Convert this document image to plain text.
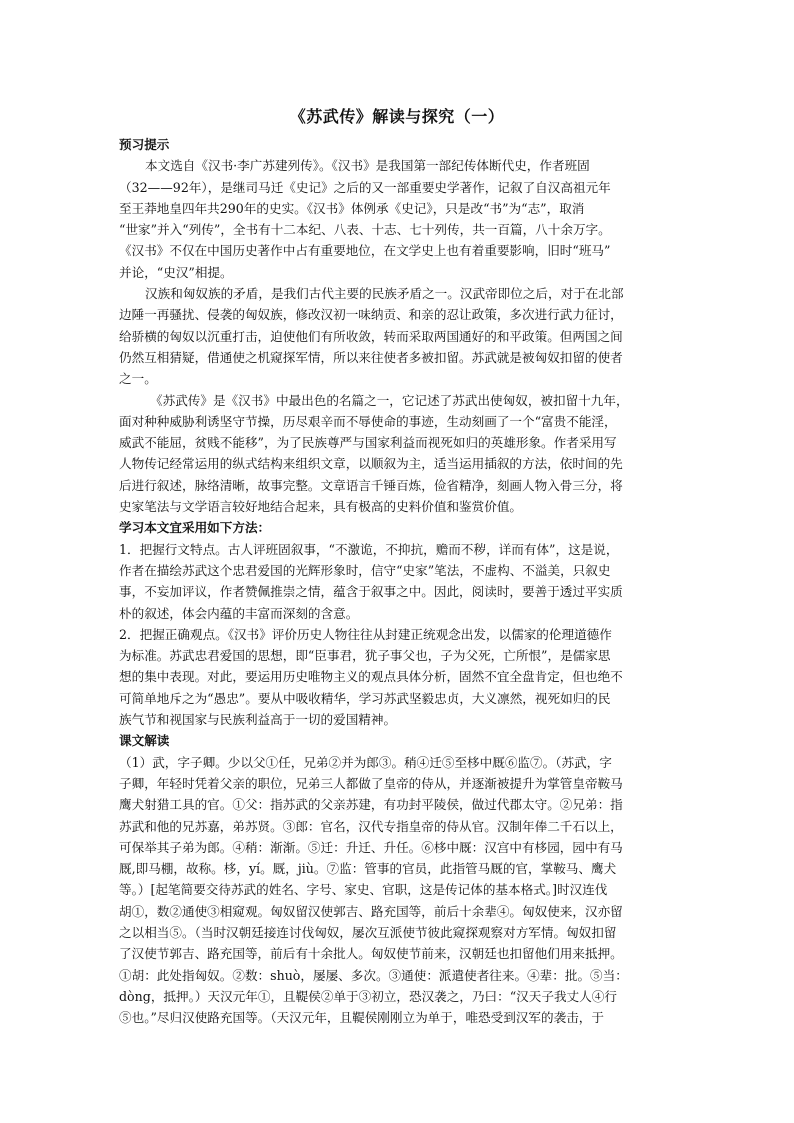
《苏武传》解读与探究（一）
预习提示
本文选自《汉书·李广苏建列传》。《汉书》是我国第一部纪传体断代史，作者班固
（32——92年），是继司马迁《史记》之后的又一部重要史学著作，记叙了自汉高祖元年
至王莽地皇四年共290年的史实。《汉书》体例承《史记》，只是改“书”为“志”，取消
“世家”并入“列传”，全书有十二本纪、八表、十志、七十列传，共一百篇，八十余万字。
《汉书》不仅在中国历史著作中占有重要地位，在文学史上也有着重要影响，旧时“班马”
并论，“史汉”相提。
汉族和匈奴族的矛盾，是我们古代主要的民族矛盾之一。汉武帝即位之后，对于在北部
边陲一再骚扰、侵袭的匈奴族，修改汉初一味纳贡、和亲的忍让政策，多次进行武力征讨，
给骄横的匈奴以沉重打击，迫使他们有所收敛，转而采取两国通好的和平政策。但两国之间
仍然互相猜疑，借通使之机窥探军情，所以来往使者多被扣留。苏武就是被匈奴扣留的使者
之一。
《苏武传》是《汉书》中最出色的名篇之一，它记述了苏武出使匈奴，被扣留十九年，
面对种种威胁利诱坚守节操，历尽艰辛而不辱使命的事迹，生动刻画了一个“富贵不能淫，
威武不能屈，贫贱不能移”，为了民族尊严与国家利益而视死如归的英雄形象。作者采用写
人物传记经常运用的纵式结构来组织文章，以顺叙为主，适当运用插叙的方法，依时间的先
后进行叙述，脉络清晰，故事完整。文章语言千锤百炼，俭省精净，刻画人物入骨三分，将
史家笔法与文学语言较好地结合起来，具有极高的史料价值和鉴赏价值。
学习本文宜采用如下方法：
1．把握行文特点。古人评班固叙事，“不激诡，不抑抗，赡而不秽，详而有体”，这是说，
作者在描绘苏武这个忠君爱国的光辉形象时，信守“史家”笔法，不虚构、不溢美，只叙史
事，不妄加评议，作者赞佩推崇之情，蕴含于叙事之中。因此，阅读时，要善于透过平实质
朴的叙述，体会内蕴的丰富而深刻的含意。
2．把握正确观点。《汉书》评价历史人物往往从封建正统观念出发，以儒家的伦理道德作
为标准。苏武忠君爱国的思想，即“臣事君，犹子事父也，子为父死，亡所恨”，是儒家思
想的集中表现。对此，要运用历史唯物主义的观点具体分析，固然不宜全盘肯定，但也绝不
可简单地斥之为“愚忠”。要从中吸收精华，学习苏武坚毅忠贞，大义凛然，视死如归的民
族气节和视国家与民族利益高于一切的爱国精神。
课文解读
（1）武，字子卿。少以父①任，兄弟②并为郎③。稍④迁⑤至栘中厩⑥监⑦。（苏武，字
子卿，年轻时凭着父亲的职位，兄弟三人都做了皇帝的侍从，并逐渐被提升为掌管皇帝鞍马
鹰犬射猎工具的官。①父：指苏武的父亲苏建，有功封平陵侯，做过代郡太守。②兄弟：指
苏武和他的兄苏嘉，弟苏贤。③郎：官名，汉代专指皇帝的侍从官。汉制年俸二千石以上，
可保举其子弟为郎。④稍：渐渐。⑤迁：升迁、升任。⑥栘中厩：汉宫中有栘园，园中有马
厩,即马棚，故称。栘，yí。厩，jiù。⑦监：管事的官员，此指管马厩的官，掌鞍马、鹰犬
等。）[起笔简要交待苏武的姓名、字号、家史、官职，这是传记体的基本格式。]时汉连伐
胡①，数②通使③相窥观。匈奴留汉使郭吉、路充国等，前后十余辈④。匈奴使来，汉亦留
之以相当⑤。（当时汉朝廷接连讨伐匈奴，屡次互派使节彼此窥探观察对方军情。匈奴扣留
了汉使节郭吉、路充国等，前后有十余批人。匈奴使节前来，汉朝廷也扣留他们用来抵押。
①胡：此处指匈奴。②数：shuò，屡屡、多次。③通使：派遣使者往来。④辈：批。⑤当：
dòng，抵押。）天汉元年①，且鞮侯②单于③初立，恐汉袭之，乃曰：“汉天子我丈人④行
⑤也。”尽归汉使路充国等。（天汉元年，且鞮侯刚刚立为单于，唯恐受到汉军的袭击，于
